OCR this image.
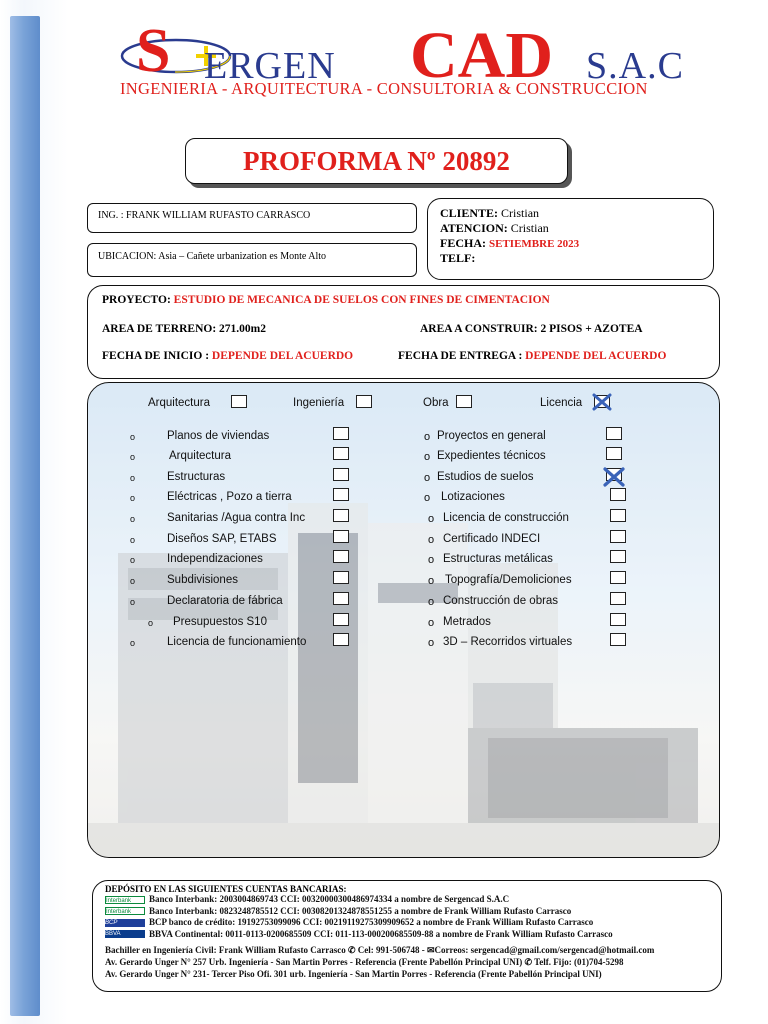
S ERGEN CAD S.A.C
INGENIERIA - ARQUITECTURA - CONSULTORIA & CONSTRUCCION
PROFORMA Nº 20892
ING. : FRANK WILLIAM RUFASTO CARRASCO
UBICACION: Asia – Cañete urbanization es Monte Alto
CLIENTE: Cristian
ATENCION: Cristian
FECHA: SETIEMBRE 2023
TELF:
PROYECTO: ESTUDIO DE MECANICA DE SUELOS CON FINES DE CIMENTACION
AREA DE TERRENO: 271.00m2	AREA A CONSTRUIR: 2 PISOS + AZOTEA
FECHA DE INICIO : DEPENDE DEL ACUERDO	FECHA DE ENTREGA : DEPENDE DEL ACUERDO
Arquitectura	Ingeniería	Obra	Licencia
o	Planos de viviendas
o	Arquitectura
o	Estructuras
o	Eléctricas , Pozo a tierra
o	Sanitarias /Agua contra Inc
o	Diseños SAP, ETABS
o	Independizaciones
o	Subdivisiones
o	Declaratoria de fábrica
o Presupuestos S10
o	Licencia de funcionamiento
o Proyectos en general
o Expedientes técnicos
o Estudios de suelos
o Lotizaciones
o Licencia de construcción
o Certificado INDECI
o Estructuras metálicas
o Topografía/Demoliciones
o Construcción de obras
o Metrados
o 3D – Recorridos virtuales
DEPÓSITO EN LAS SIGUIENTES CUENTAS BANCARIAS:
Interbank Banco Interbank: 2003004869743 CCI: 00320000300486974334 a nombre de Sergencad S.A.C
Interbank Banco Interbank: 0823248785512 CCI: 00308201324878551255 a nombre de Frank William Rufasto Carrasco
BCP	BCP banco de crédito: 19192753099096 CCI: 00219119275309909652 a nombre de Frank William Rufasto Carrasco
BBVA	BBVA Continental: 0011-0113-0200685509 CCI: 011-113-000200685509-88 a nombre de Frank William Rufasto Carrasco
Bachiller en Ingeniería Civil: Frank William Rufasto Carrasco ✆ Cel: 991-506748 - ✉Correos: sergencad@gmail.com/sergencad@hotmail.com
Av. Gerardo Unger N° 257 Urb. Ingeniería - San Martin Porres - Referencia (Frente Pabellón Principal UNI) ✆ Telf. Fijo: (01)704-5298
Av. Gerardo Unger N° 231- Tercer Piso Ofi. 301 urb. Ingeniería - San Martin Porres - Referencia (Frente Pabellón Principal UNI)
